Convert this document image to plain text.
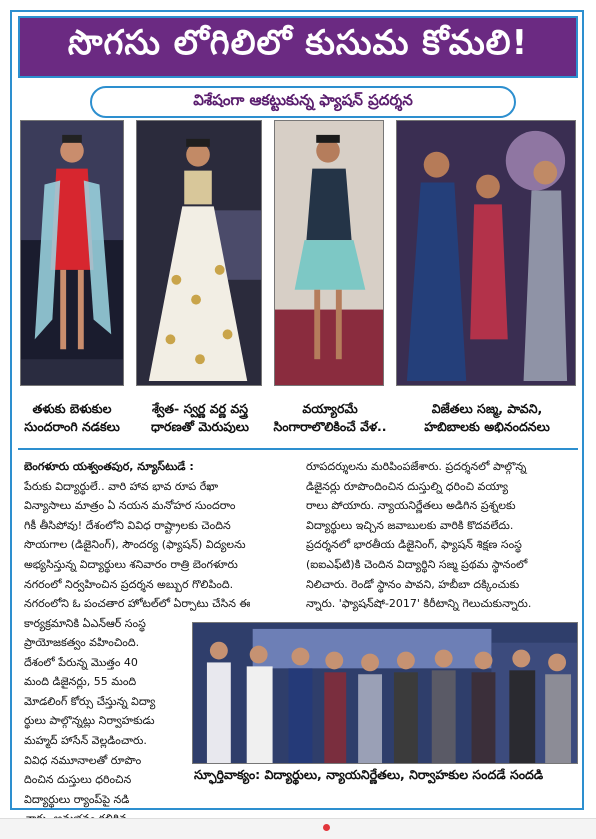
సొగసు లోగిలిలో కుసుమ కోమలి!
విశేషంగా ఆకట్టుకున్న ఫ్యాషన్ ప్రదర్శన
తళుకు బెళుకుల
సుందరాంగి నడకలు
శ్వేత- స్వర్ణ వర్ణ వస్త్ర
ధారణతో మెరుపులు
వయ్యారమే
సింగారాలొలికించే వేళ..
విజేతలు సజ్మ, పావని,
హబిబాలకు అభినందనలు
బెంగళూరు యశ్వంతపుర, న్యూస్‌టుడే :
పేరుకు విద్యార్థులే.. వారి హావ భావ రూప రేఖా
విన్యాసాలు మాత్రం ఏ నయన మనోహర సుందరాం
గికీ తీసిపోవు! దేశంలోని వివిధ రాష్ట్రాలకు చెందిన
సొయగాల (డిజైనింగ్), సౌందర్య (ఫ్యాషన్) విద్యలను
అభ్యసిస్తున్న విద్యార్థులు శనివారం రాత్రి బెంగళూరు
నగరంలో నిర్వహించిన ప్రదర్శన అబ్బుర గొలిపింది.
నగరంలోని ఓ పంచతార హోటల్‌లో ఏర్పాటు చేసిన ఈ
కార్యక్రమానికి ఏఎన్‌ఆర్ సంస్థ
ప్రాయోజకత్వం వహించింది.
దేశంలో పేరున్న మొత్తం 40
మంది డిజైనర్లు, 55 మంది
మోడలింగ్ కోర్సు చేస్తున్న విద్యా
ర్థులు పాల్గొన్నట్లు నిర్వాహకుడు
మహ్మద్ హాసేన్ వెల్లడించారు.
వివిధ నమూనాలతో రూపొం
దించిన దుస్తులు ధరించిన
విద్యార్థులు ర్యాంప్‌పై నడి
రూపదర్శులను మరిపింపజేశారు. ప్రదర్శనలో పాల్గొన్న
డిజైనర్లు రూపొందించిన దుస్తుల్ని ధరించి వయ్యా
రాలు పోయారు. న్యాయనిర్ణేతలు అడిగిన ప్రశ్నలకు
విద్యార్థులు ఇచ్చిన జవాబులకు వారికి కొదవలేదు.
ప్రదర్శనలో భారతీయ డిజైనింగ్, ఫ్యాషన్ శిక్షణ సంస్థ
(ఐఐఎఫ్‌టి)కి చెందిన విద్యార్థిని సజ్మ ప్రథమ స్థానంలో
నిలిచారు. రెండో స్థానం పావని, హబీబా దక్కించుకు
న్నారు. 'ఫ్యాషన్‌షో-2017' కిరీటాన్ని గెలుచుకున్నారు.
స్ఫూర్తివాక్యం: విద్యార్థులు, న్యాయనిర్ణేతలు, నిర్వాహకుల సందడే సందడి
